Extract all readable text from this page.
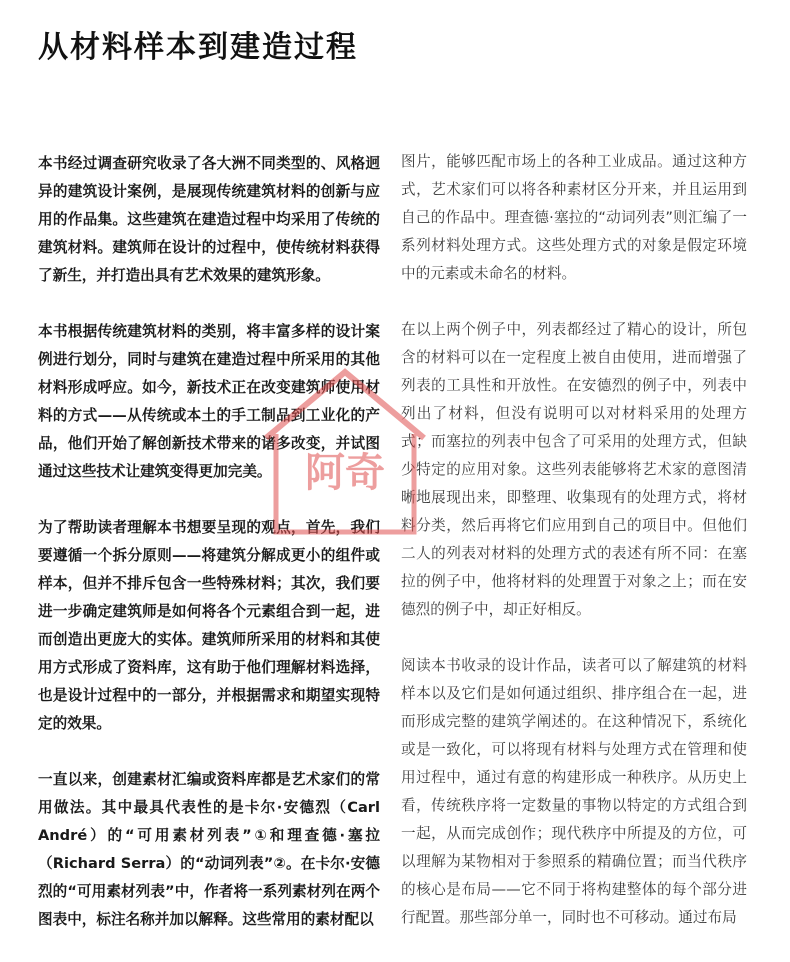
从材料样本到建造过程

本书经过调查研究收录了各大洲不同类型的、风格迥异的建筑设计案例，是展现传统建筑材料的创新与应用的作品集。这些建筑在建造过程中均采用了传统的建筑材料。建筑师在设计的过程中，使传统材料获得了新生，并打造出具有艺术效果的建筑形象。

本书根据传统建筑材料的类别，将丰富多样的设计案例进行划分，同时与建筑在建造过程中所采用的其他材料形成呼应。如今，新技术正在改变建筑师使用材料的方式——从传统或本土的手工制品到工业化的产品，他们开始了解创新技术带来的诸多改变，并试图通过这些技术让建筑变得更加完美。

为了帮助读者理解本书想要呈现的观点，首先，我们要遵循一个拆分原则——将建筑分解成更小的组件或样本，但并不排斥包含一些特殊材料；其次，我们要进一步确定建筑师是如何将各个元素组合到一起，进而创造出更庞大的实体。建筑师所采用的材料和其使用方式形成了资料库，这有助于他们理解材料选择，也是设计过程中的一部分，并根据需求和期望实现特定的效果。

一直以来，创建素材汇编或资料库都是艺术家们的常用做法。其中最具代表性的是卡尔·安德烈（Carl André）的“可用素材列表”①和理查德·塞拉（Richard Serra）的“动词列表”②。在卡尔·安德烈的“可用素材列表”中，作者将一系列素材列在两个图表中，标注名称并加以解释。这些常用的素材配以

图片，能够匹配市场上的各种工业成品。通过这种方式，艺术家们可以将各种素材区分开来，并且运用到自己的作品中。理查德·塞拉的“动词列表”则汇编了一系列材料处理方式。这些处理方式的对象是假定环境中的元素或未命名的材料。

在以上两个例子中，列表都经过了精心的设计，所包含的材料可以在一定程度上被自由使用，进而增强了列表的工具性和开放性。在安德烈的例子中，列表中列出了材料，但没有说明可以对材料采用的处理方式；而塞拉的列表中包含了可采用的处理方式，但缺少特定的应用对象。这些列表能够将艺术家的意图清晰地展现出来，即整理、收集现有的处理方式，将材料分类，然后再将它们应用到自己的项目中。但他们二人的列表对材料的处理方式的表述有所不同：在塞拉的例子中，他将材料的处理置于对象之上；而在安德烈的例子中，却正好相反。

阅读本书收录的设计作品，读者可以了解建筑的材料样本以及它们是如何通过组织、排序组合在一起，进而形成完整的建筑学阐述的。在这种情况下，系统化或是一致化，可以将现有材料与处理方式在管理和使用过程中，通过有意的构建形成一种秩序。从历史上看，传统秩序将一定数量的事物以特定的方式组合到一起，从而完成创作；现代秩序中所提及的方位，可以理解为某物相对于参照系的精确位置；而当代秩序的核心是布局——它不同于将构建整体的每个部分进行配置。那些部分单一，同时也不可移动。通过布局

阿奇
